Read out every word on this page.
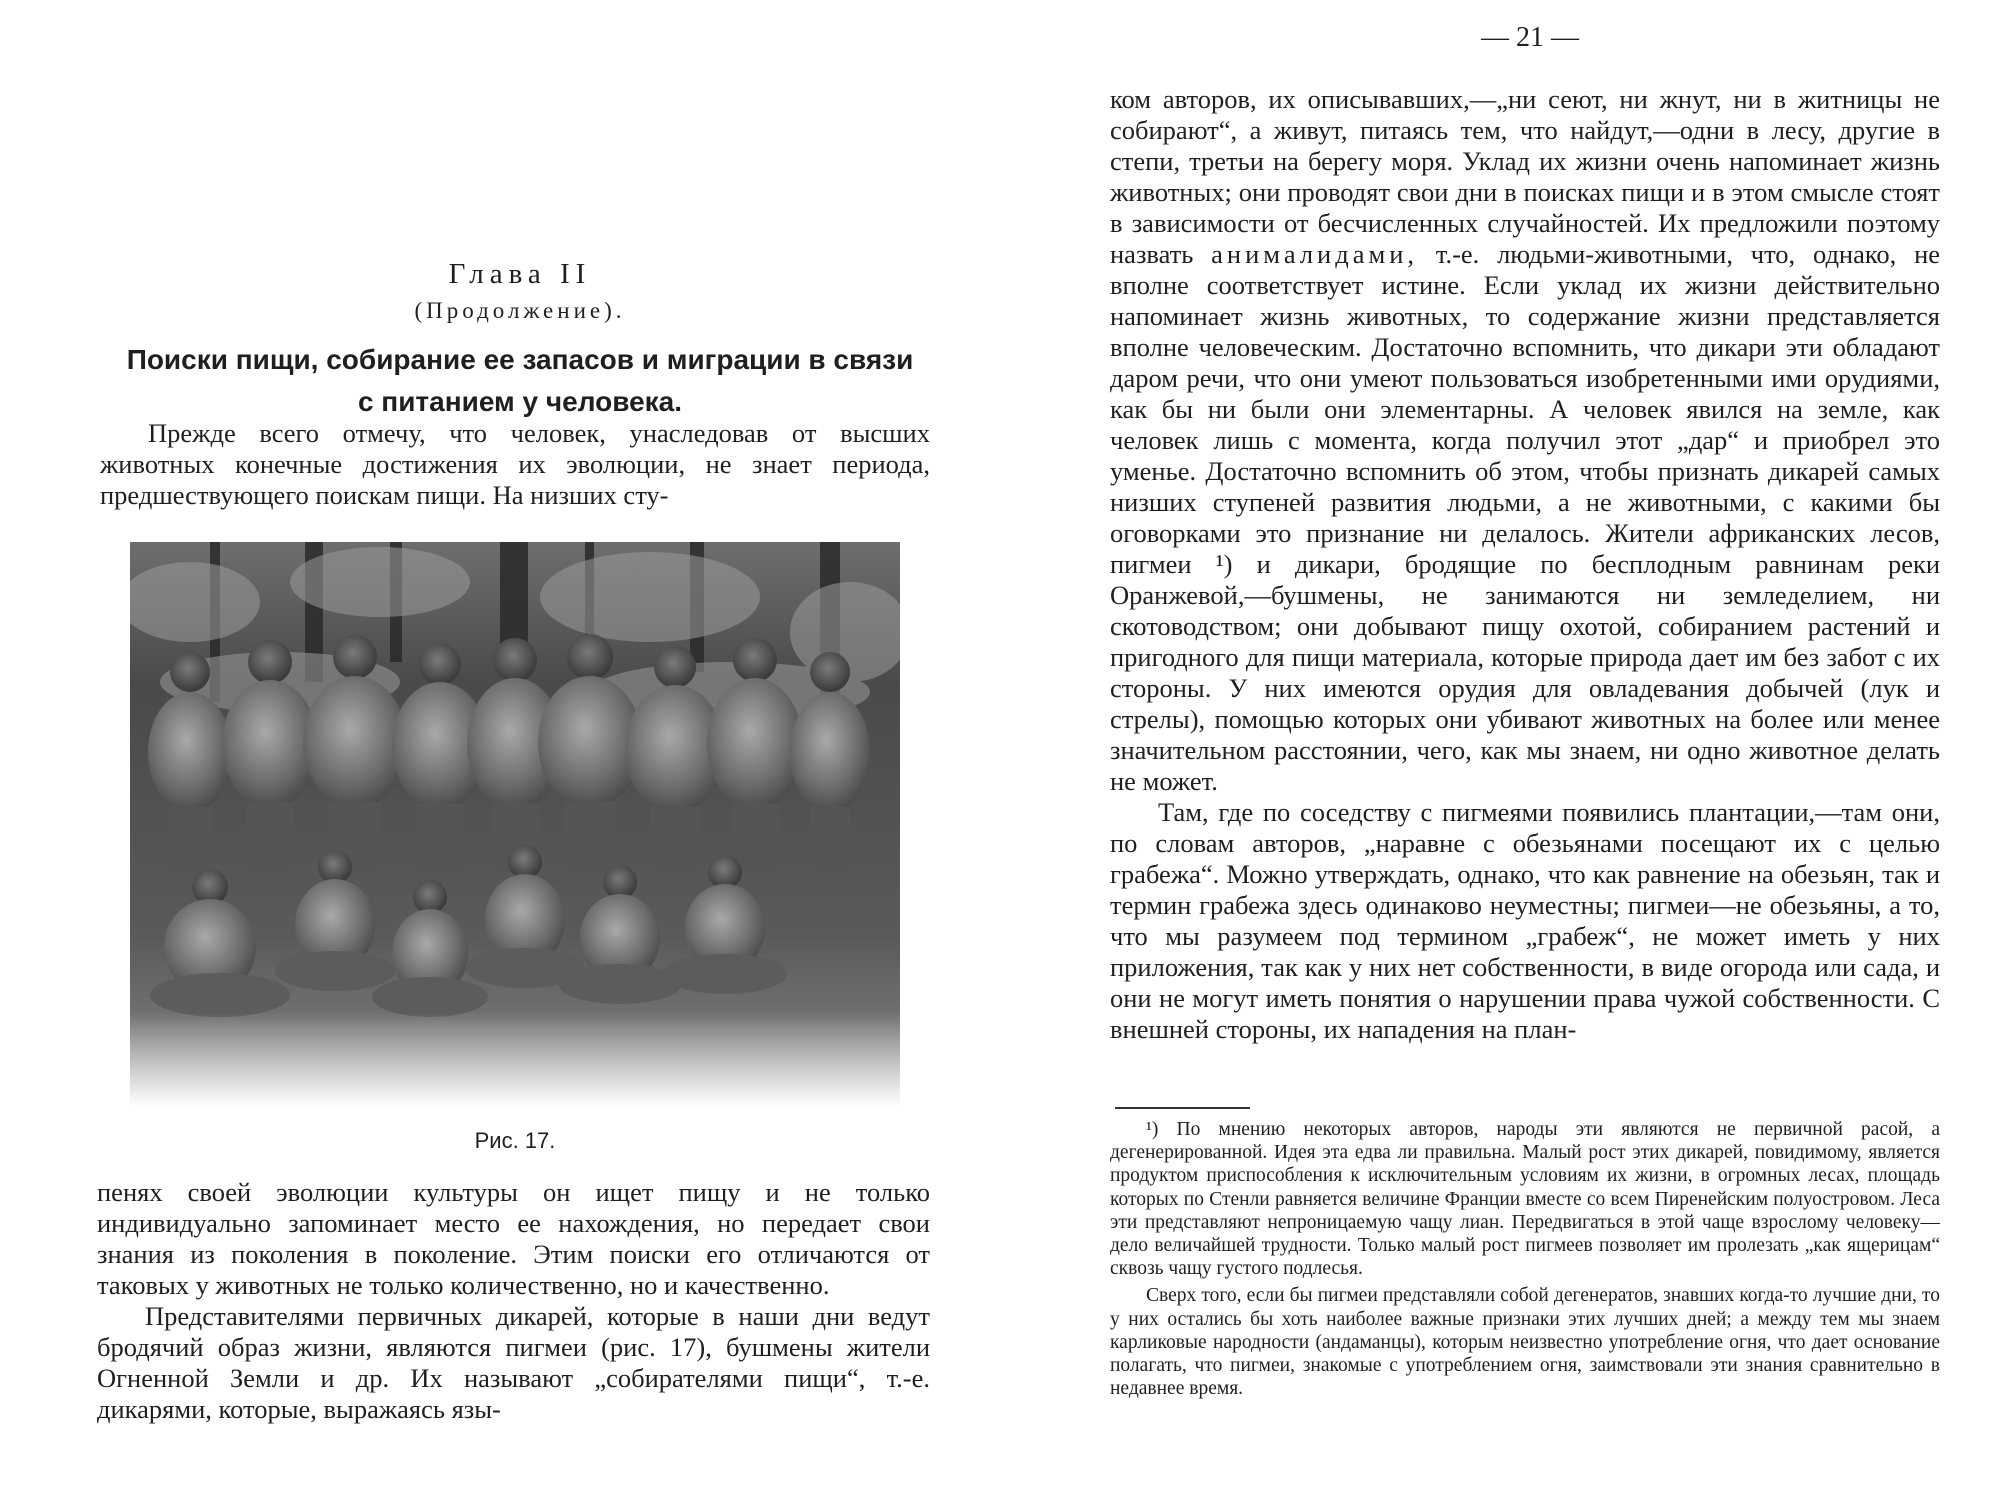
Глава II

(Продолжение).

Поиски пищи, собирание ее запасов и миграции в связи
с питанием у человека.

Прежде всего отмечу, что человек, унаследовав от высших животных конечные достижения их эволюции, не знает периода, предшествующего поискам пищи. На низших сту-

Рис. 17.

пенях своей эволюции культуры он ищет пищу и не только индивидуально запоминает место ее нахождения, но передает свои знания из поколения в поколение. Этим поиски его отличаются от таковых у животных не только количественно, но и качественно.

Представителями первичных дикарей, которые в наши дни ведут бродячий образ жизни, являются пигмеи (рис. 17), бушмены жители Огненной Земли и др. Их называют „собирателями пищи“, т.-е. дикарями, которые, выражаясь язы-

— 21 —

ком авторов, их описывавших,—„ни сеют, ни жнут, ни в житницы не собирают“, а живут, питаясь тем, что найдут,—одни в лесу, другие в степи, третьи на берегу моря. Уклад их жизни очень напоминает жизнь животных; они проводят свои дни в поисках пищи и в этом смысле стоят в зависимости от бесчисленных случайностей. Их предложили поэтому назвать анималидами, т.-е. людьми-животными, что, однако, не вполне соответствует истине. Если уклад их жизни действительно напоминает жизнь животных, то содержание жизни представляется вполне человеческим. Достаточно вспомнить, что дикари эти обладают даром речи, что они умеют пользоваться изобретенными ими орудиями, как бы ни были они элементарны. А человек явился на земле, как человек лишь с момента, когда получил этот „дар“ и приобрел это уменье. Достаточно вспомнить об этом, чтобы признать дикарей самых низших ступеней развития людьми, а не животными, с какими бы оговорками это признание ни делалось. Жители африканских лесов, пигмеи ¹) и дикари, бродящие по бесплодным равнинам реки Оранжевой,—бушмены, не занимаются ни земледелием, ни скотоводством; они добывают пищу охотой, собиранием растений и пригодного для пищи материала, которые природа дает им без забот с их стороны. У них имеются орудия для овладевания добычей (лук и стрелы), помощью которых они убивают животных на более или менее значительном расстоянии, чего, как мы знаем, ни одно животное делать не может.

Там, где по соседству с пигмеями появились плантации,—там они, по словам авторов, „наравне с обезьянами посещают их с целью грабежа“. Можно утверждать, однако, что как равнение на обезьян, так и термин грабежа здесь одинаково неуместны; пигмеи—не обезьяны, а то, что мы разумеем под термином „грабеж“, не может иметь у них приложения, так как у них нет собственности, в виде огорода или сада, и они не могут иметь понятия о нарушении права чужой собственности. С внешней стороны, их нападения на план-

¹) По мнению некоторых авторов, народы эти являются не первичной расой, а дегенерированной. Идея эта едва ли правильна. Малый рост этих дикарей, повидимому, является продуктом приспособления к исключительным условиям их жизни, в огромных лесах, площадь которых по Стенли равняется величине Франции вместе со всем Пиренейским полуостровом. Леса эти представляют непроницаемую чащу лиан. Передвигаться в этой чаще взрослому человеку—дело величайшей трудности. Только малый рост пигмеев позволяет им пролезать „как ящерицам“ сквозь чащу густого подлесья.

Сверх того, если бы пигмеи представляли собой дегенератов, знавших когда-то лучшие дни, то у них остались бы хоть наиболее важные признаки этих лучших дней; а между тем мы знаем карликовые народности (андаманцы), которым неизвестно употребление огня, что дает основание полагать, что пигмеи, знакомые с употреблением огня, заимствовали эти знания сравнительно в недавнее время.
